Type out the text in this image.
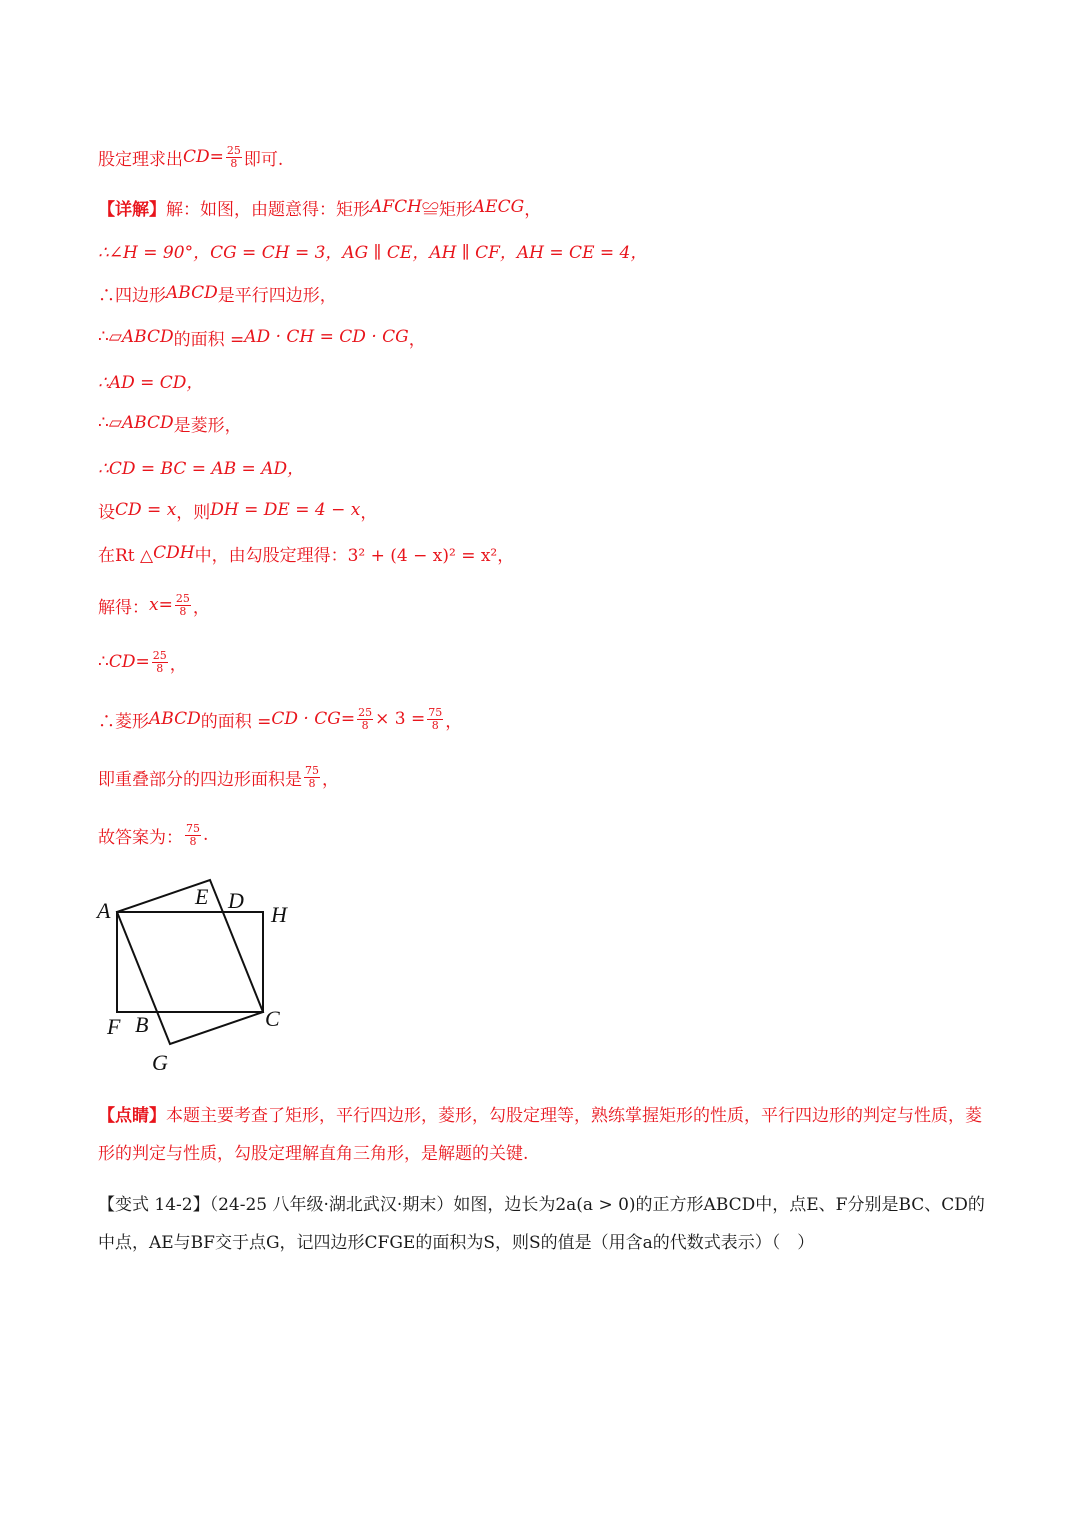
股定理求出 CD = $\frac{25}{8}$ 即可.
【详解】 解：如图，由题意得：矩形 AFCH ≌矩形 AECG ，
∴∠H = 90°，CG = CH = 3，AG ∥ CE，AH ∥ CF，AH = CE = 4，
∴四边形 ABCD 是平行四边形，
∴▱ ABCD 的面积 = AD · CH = CD · CG ，
∴AD = CD，
∴▱ ABCD 是菱形，
∴CD = BC = AB = AD，
设 CD = x ，则 DH = DE = 4 − x ，
在Rt △ CDH 中，由勾股定理得：3² + (4 − x)² = x²，
解得： $x = \frac{25}{8}$ ，
∴ CD = $\frac{25}{8}$ ，
∴菱形 ABCD 的面积 = CD · CG = $\frac{25}{8} \times 3 = \frac{75}{8}$ ，
即重叠部分的四边形面积是 $\frac{75}{8}$ ，
故答案为： $\frac{75}{8}$ .
A
E D
H
F B	C
G
【点睛】本题主要考查了矩形，平行四边形，菱形，勾股定理等，熟练掌握矩形的性质，平行四边形的判定与性质，菱形的判定与性质，勾股定理解直角三角形，是解题的关键.
【变式 14-2】（24-25 八年级·湖北武汉·期末）如图，边长为2a(a > 0)的正方形ABCD中，点E、F分别是BC、CD的中点，AE与BF交于点G，记四边形CFGE的面积为S，则S的值是（用含a的代数式表示）（　）
